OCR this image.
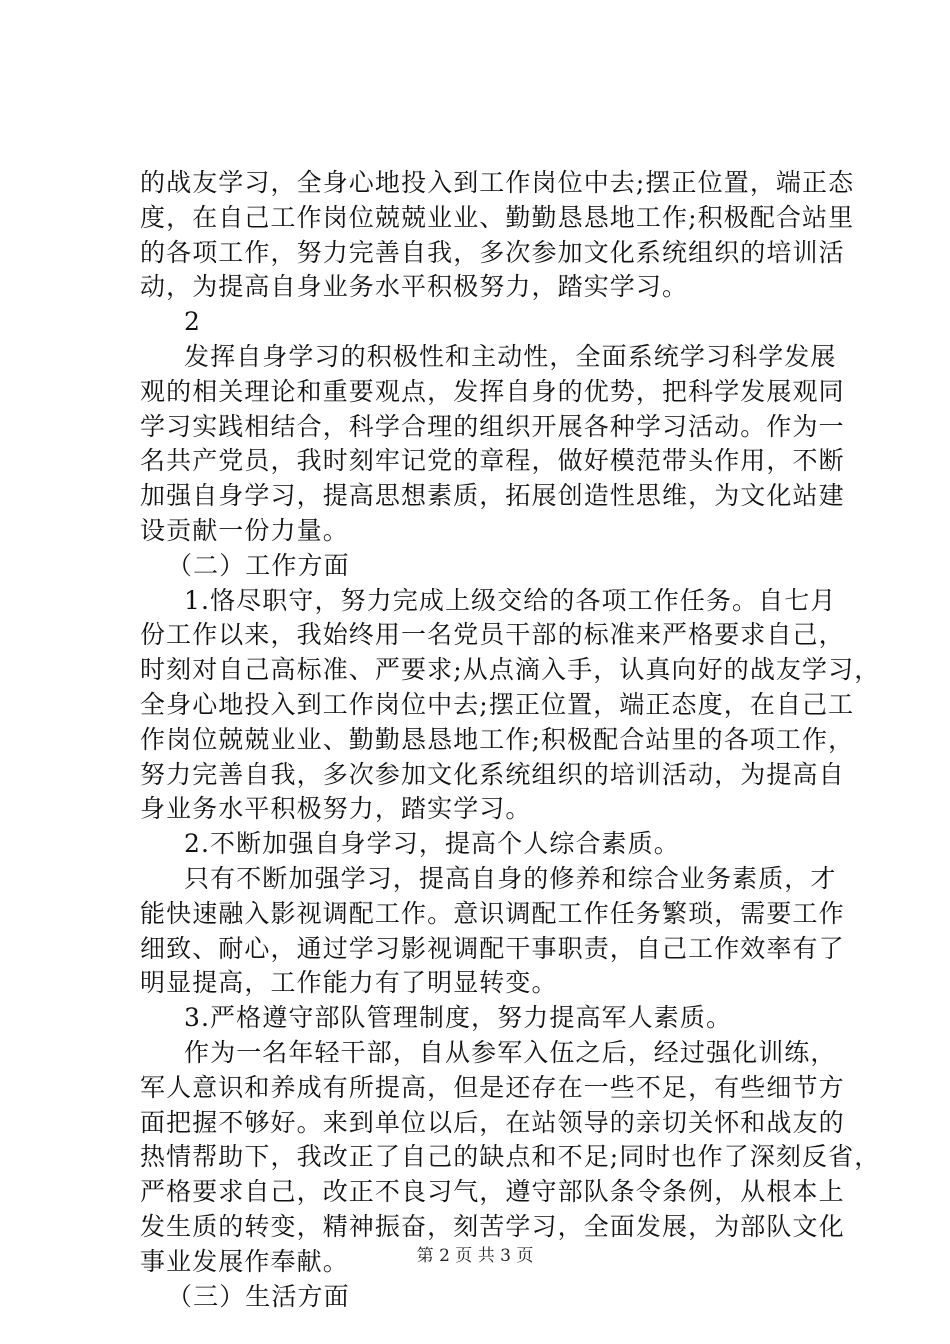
的战友学习，全身心地投入到工作岗位中去;摆正位置，端正态
度，在自己工作岗位兢兢业业、勤勤恳恳地工作;积极配合站里
的各项工作，努力完善自我，多次参加文化系统组织的培训活
动，为提高自身业务水平积极努力，踏实学习。
2
发挥自身学习的积极性和主动性，全面系统学习科学发展
观的相关理论和重要观点，发挥自身的优势，把科学发展观同
学习实践相结合，科学合理的组织开展各种学习活动。作为一
名共产党员，我时刻牢记党的章程，做好模范带头作用，不断
加强自身学习，提高思想素质，拓展创造性思维，为文化站建
设贡献一份力量。
（二）工作方面
1.恪尽职守，努力完成上级交给的各项工作任务。自七月
份工作以来，我始终用一名党员干部的标准来严格要求自己，
时刻对自己高标准、严要求;从点滴入手，认真向好的战友学习，
全身心地投入到工作岗位中去;摆正位置，端正态度，在自己工
作岗位兢兢业业、勤勤恳恳地工作;积极配合站里的各项工作，
努力完善自我，多次参加文化系统组织的培训活动，为提高自
身业务水平积极努力，踏实学习。
2.不断加强自身学习，提高个人综合素质。
只有不断加强学习，提高自身的修养和综合业务素质，才
能快速融入影视调配工作。意识调配工作任务繁琐，需要工作
细致、耐心，通过学习影视调配干事职责，自己工作效率有了
明显提高，工作能力有了明显转变。
3.严格遵守部队管理制度，努力提高军人素质。
作为一名年轻干部，自从参军入伍之后，经过强化训练，
军人意识和养成有所提高，但是还存在一些不足，有些细节方
面把握不够好。来到单位以后，在站领导的亲切关怀和战友的
热情帮助下，我改正了自己的缺点和不足;同时也作了深刻反省，
严格要求自己，改正不良习气，遵守部队条令条例，从根本上
发生质的转变，精神振奋，刻苦学习，全面发展，为部队文化
事业发展作奉献。
（三）生活方面
第 2 页 共 3 页
